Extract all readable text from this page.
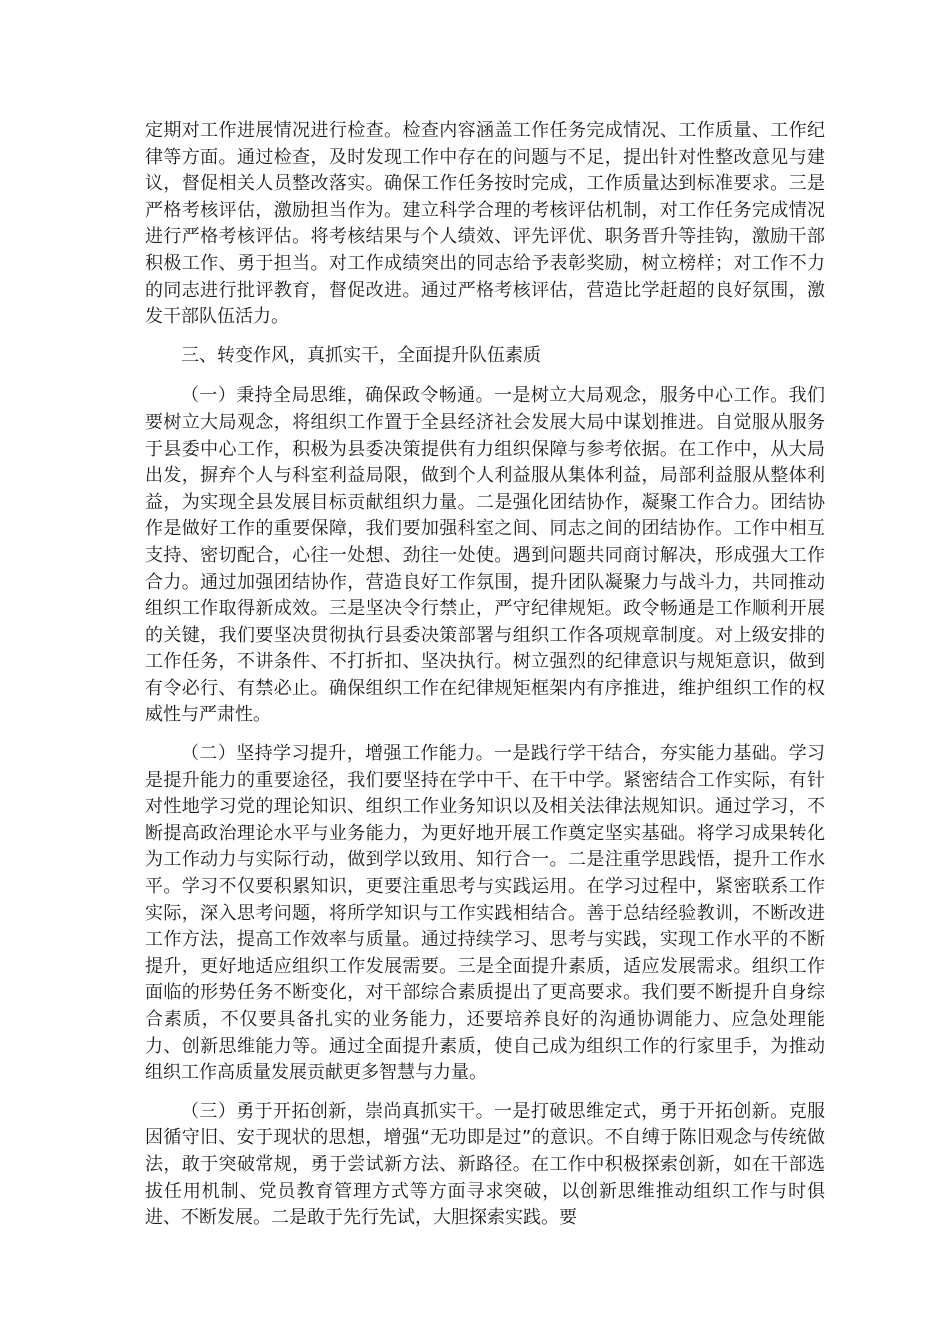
定期对工作进展情况进行检查。检查内容涵盖工作任务完成情况、工作质量、工作纪律等方面。通过检查，及时发现工作中存在的问题与不足，提出针对性整改意见与建议，督促相关人员整改落实。确保工作任务按时完成，工作质量达到标准要求。三是严格考核评估，激励担当作为。建立科学合理的考核评估机制，对工作任务完成情况进行严格考核评估。将考核结果与个人绩效、评先评优、职务晋升等挂钩，激励干部积极工作、勇于担当。对工作成绩突出的同志给予表彰奖励，树立榜样；对工作不力的同志进行批评教育，督促改进。通过严格考核评估，营造比学赶超的良好氛围，激发干部队伍活力。

三、转变作风，真抓实干，全面提升队伍素质

（一）秉持全局思维，确保政令畅通。一是树立大局观念，服务中心工作。我们要树立大局观念，将组织工作置于全县经济社会发展大局中谋划推进。自觉服从服务于县委中心工作，积极为县委决策提供有力组织保障与参考依据。在工作中，从大局出发，摒弃个人与科室利益局限，做到个人利益服从集体利益，局部利益服从整体利益，为实现全县发展目标贡献组织力量。二是强化团结协作，凝聚工作合力。团结协作是做好工作的重要保障，我们要加强科室之间、同志之间的团结协作。工作中相互支持、密切配合，心往一处想、劲往一处使。遇到问题共同商讨解决，形成强大工作合力。通过加强团结协作，营造良好工作氛围，提升团队凝聚力与战斗力，共同推动组织工作取得新成效。三是坚决令行禁止，严守纪律规矩。政令畅通是工作顺利开展的关键，我们要坚决贯彻执行县委决策部署与组织工作各项规章制度。对上级安排的工作任务，不讲条件、不打折扣、坚决执行。树立强烈的纪律意识与规矩意识，做到有令必行、有禁必止。确保组织工作在纪律规矩框架内有序推进，维护组织工作的权威性与严肃性。

（二）坚持学习提升，增强工作能力。一是践行学干结合，夯实能力基础。学习是提升能力的重要途径，我们要坚持在学中干、在干中学。紧密结合工作实际，有针对性地学习党的理论知识、组织工作业务知识以及相关法律法规知识。通过学习，不断提高政治理论水平与业务能力，为更好地开展工作奠定坚实基础。将学习成果转化为工作动力与实际行动，做到学以致用、知行合一。二是注重学思践悟，提升工作水平。学习不仅要积累知识，更要注重思考与实践运用。在学习过程中，紧密联系工作实际，深入思考问题，将所学知识与工作实践相结合。善于总结经验教训，不断改进工作方法，提高工作效率与质量。通过持续学习、思考与实践，实现工作水平的不断提升，更好地适应组织工作发展需要。三是全面提升素质，适应发展需求。组织工作面临的形势任务不断变化，对干部综合素质提出了更高要求。我们要不断提升自身综合素质，不仅要具备扎实的业务能力，还要培养良好的沟通协调能力、应急处理能力、创新思维能力等。通过全面提升素质，使自己成为组织工作的行家里手，为推动组织工作高质量发展贡献更多智慧与力量。

（三）勇于开拓创新，崇尚真抓实干。一是打破思维定式，勇于开拓创新。克服因循守旧、安于现状的思想，增强“无功即是过”的意识。不自缚于陈旧观念与传统做法，敢于突破常规，勇于尝试新方法、新路径。在工作中积极探索创新，如在干部选拔任用机制、党员教育管理方式等方面寻求突破，以创新思维推动组织工作与时俱进、不断发展。二是敢于先行先试，大胆探索实践。要
